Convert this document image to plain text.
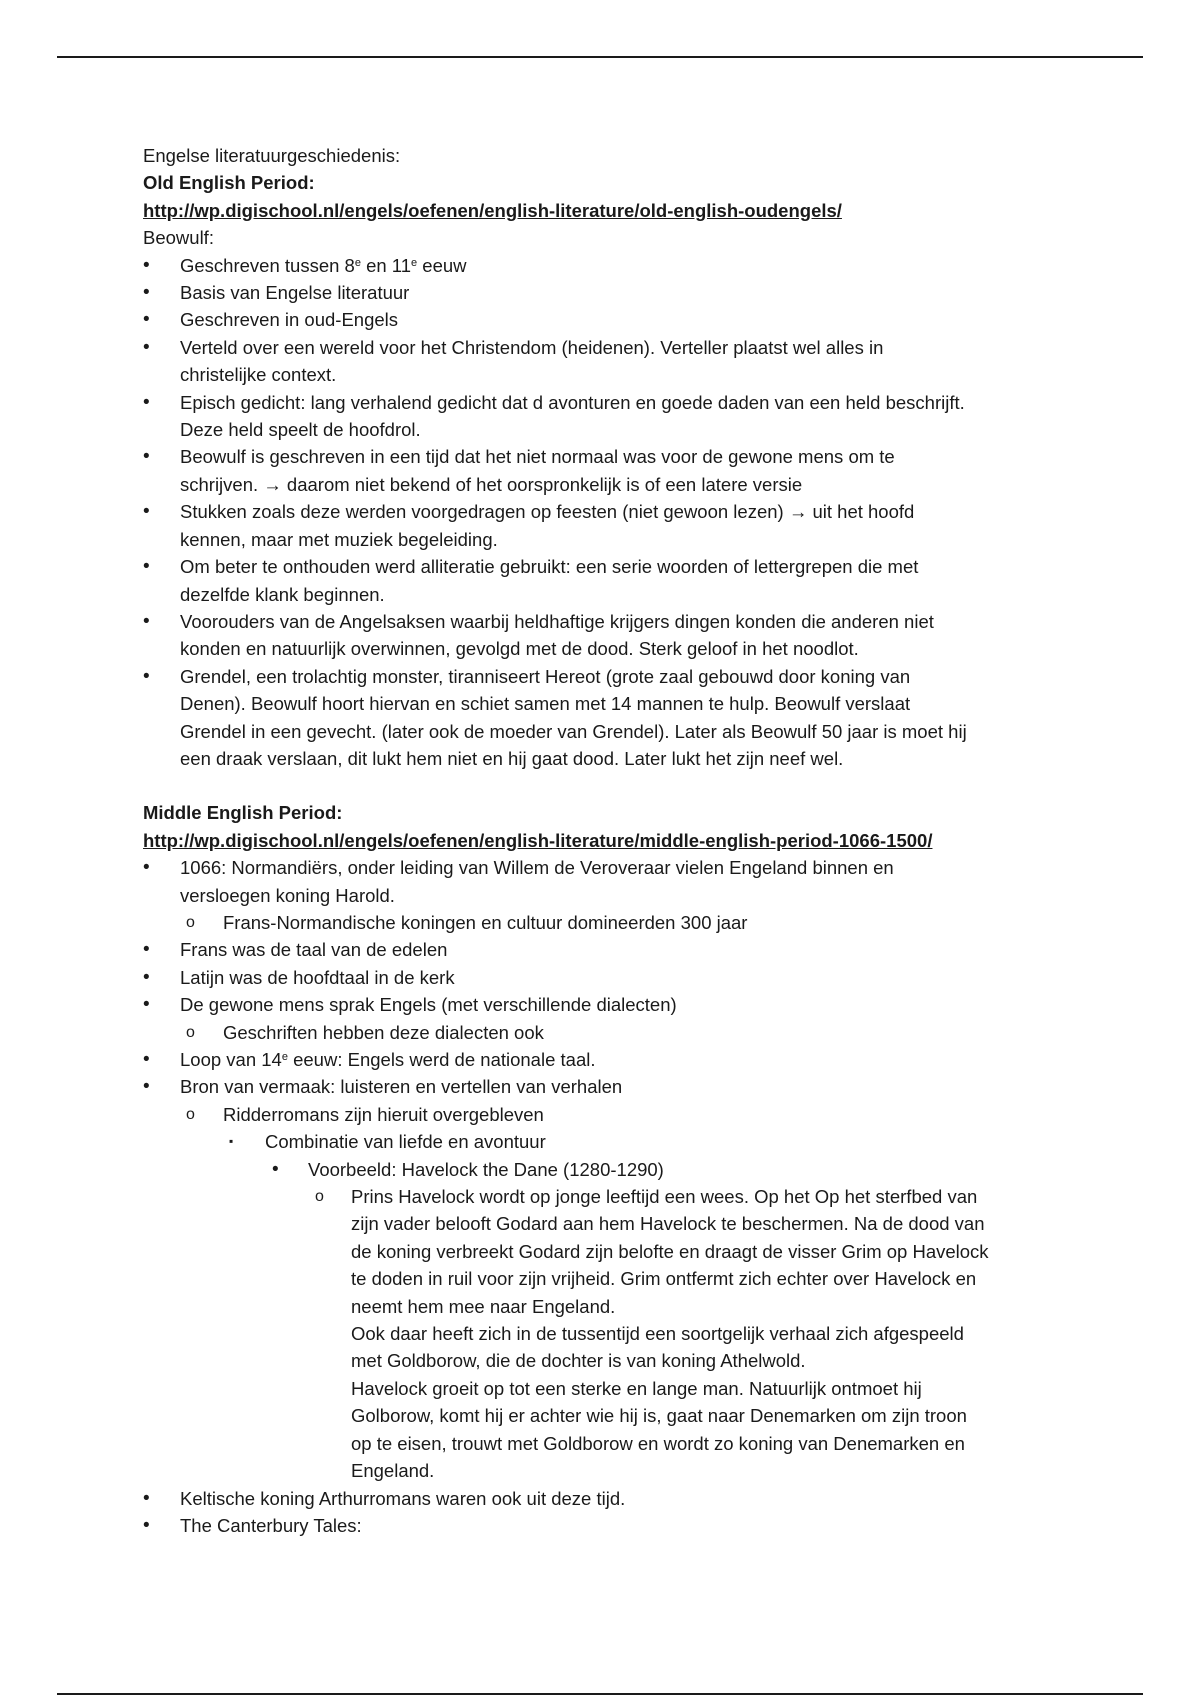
Engelse literatuurgeschiedenis:
Old English Period:
http://wp.digischool.nl/engels/oefenen/english-literature/old-english-oudengels/
Beowulf:
• Geschreven tussen 8e en 11e eeuw
• Basis van Engelse literatuur
• Geschreven in oud-Engels
• Verteld over een wereld voor het Christendom (heidenen). Verteller plaatst wel alles in
christelijke context.
• Episch gedicht: lang verhalend gedicht dat d avonturen en goede daden van een held beschrijft.
Deze held speelt de hoofdrol.
• Beowulf is geschreven in een tijd dat het niet normaal was voor de gewone mens om te
schrijven. → daarom niet bekend of het oorspronkelijk is of een latere versie
• Stukken zoals deze werden voorgedragen op feesten (niet gewoon lezen) → uit het hoofd
kennen, maar met muziek begeleiding.
• Om beter te onthouden werd alliteratie gebruikt: een serie woorden of lettergrepen die met
dezelfde klank beginnen.
• Voorouders van de Angelsaksen waarbij heldhaftige krijgers dingen konden die anderen niet
konden en natuurlijk overwinnen, gevolgd met de dood. Sterk geloof in het noodlot.
• Grendel, een trolachtig monster, tiranniseert Hereot (grote zaal gebouwd door koning van
Denen). Beowulf hoort hiervan en schiet samen met 14 mannen te hulp. Beowulf verslaat
Grendel in een gevecht. (later ook de moeder van Grendel). Later als Beowulf 50 jaar is moet hij
een draak verslaan, dit lukt hem niet en hij gaat dood. Later lukt het zijn neef wel.
Middle English Period:
http://wp.digischool.nl/engels/oefenen/english-literature/middle-english-period-1066-1500/
• 1066: Normandiërs, onder leiding van Willem de Veroveraar vielen Engeland binnen en
versloegen koning Harold.
o Frans-Normandische koningen en cultuur domineerden 300 jaar
• Frans was de taal van de edelen
• Latijn was de hoofdtaal in de kerk
• De gewone mens sprak Engels (met verschillende dialecten)
o Geschriften hebben deze dialecten ook
• Loop van 14e eeuw: Engels werd de nationale taal.
• Bron van vermaak: luisteren en vertellen van verhalen
o Ridderromans zijn hieruit overgebleven
▪ Combinatie van liefde en avontuur
• Voorbeeld: Havelock the Dane (1280-1290)
o Prins Havelock wordt op jonge leeftijd een wees. Op het Op het sterfbed van
zijn vader belooft Godard aan hem Havelock te beschermen. Na de dood van
de koning verbreekt Godard zijn belofte en draagt de visser Grim op Havelock
te doden in ruil voor zijn vrijheid. Grim ontfermt zich echter over Havelock en
neemt hem mee naar Engeland.
Ook daar heeft zich in de tussentijd een soortgelijk verhaal zich afgespeeld
met Goldborow, die de dochter is van koning Athelwold.
Havelock groeit op tot een sterke en lange man. Natuurlijk ontmoet hij
Golborow, komt hij er achter wie hij is, gaat naar Denemarken om zijn troon
op te eisen, trouwt met Goldborow en wordt zo koning van Denemarken en
Engeland.
• Keltische koning Arthurromans waren ook uit deze tijd.
• The Canterbury Tales:
